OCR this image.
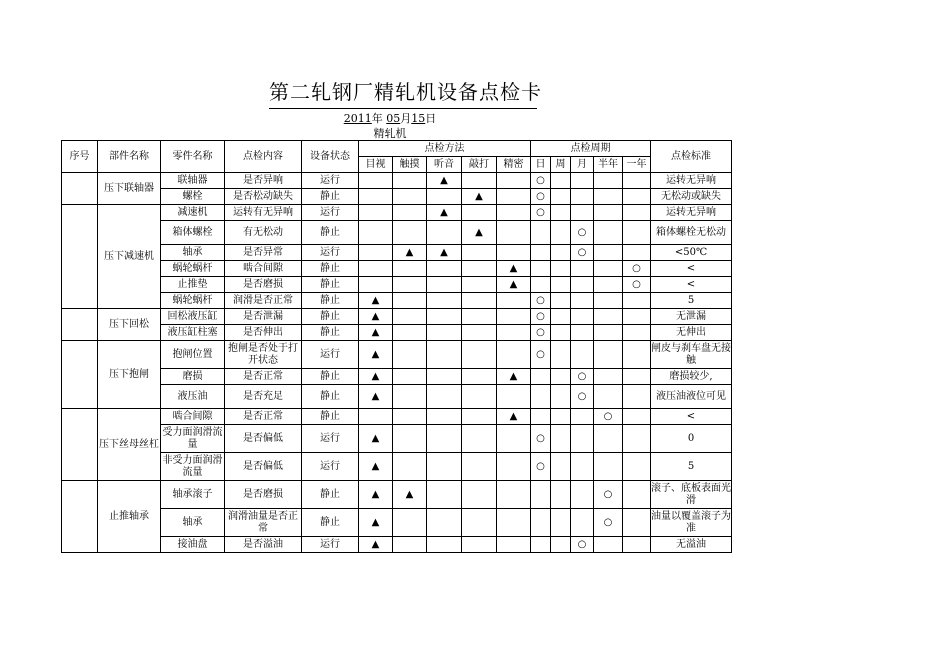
第二轧钢厂精轧机设备点检卡
2011年 05月15日
精轧机
序号	部件名称	零件名称	点检内容	设备状态	点检方法					点检周期					点检标准
					目视	触摸	听音	敲打	精密	日	周	月	半年	一年	
	压下联轴器	联轴器	是否异响	运行			▲			○					运转无异响
		螺栓	是否松动缺失	静止				▲		○					无松动或缺失
	压下减速机	减速机	运转有无异响	运行			▲			○					运转无异响
		箱体螺栓	有无松动	静止				▲				○			箱体螺栓无松动
		轴承	是否异常	运行		▲	▲					○			<50℃
		蜗轮蜗杆	啮合间隙	静止					▲					○	<
		止推垫	是否磨损	静止					▲					○	<
		蜗轮蜗杆	润滑是否正常	静止	▲					○					5
	压下回松	回松液压缸	是否泄漏	静止	▲					○					无泄漏
		液压缸柱塞	是否伸出	静止	▲					○					无伸出
	压下抱闸	抱闸位置	抱闸是否处于打开状态	运行	▲					○					闸皮与刹车盘无接触
		磨损	是否正常	静止	▲				▲			○			磨损较少,
		液压油	是否充足	静止	▲							○			液压油液位可见
	压下丝母丝杠	啮合间隙	是否正常	静止					▲				○		<
		受力面润滑流量	是否偏低	运行	▲					○					0
		非受力面润滑流量	是否偏低	运行	▲					○					5
	止推轴承	轴承滚子	是否磨损	静止	▲	▲							○		滚子、底板表面光滑
		轴承	润滑油量是否正常	静止	▲								○		油量以覆盖滚子为准
		接油盘	是否溢油	运行	▲							○			无溢油
